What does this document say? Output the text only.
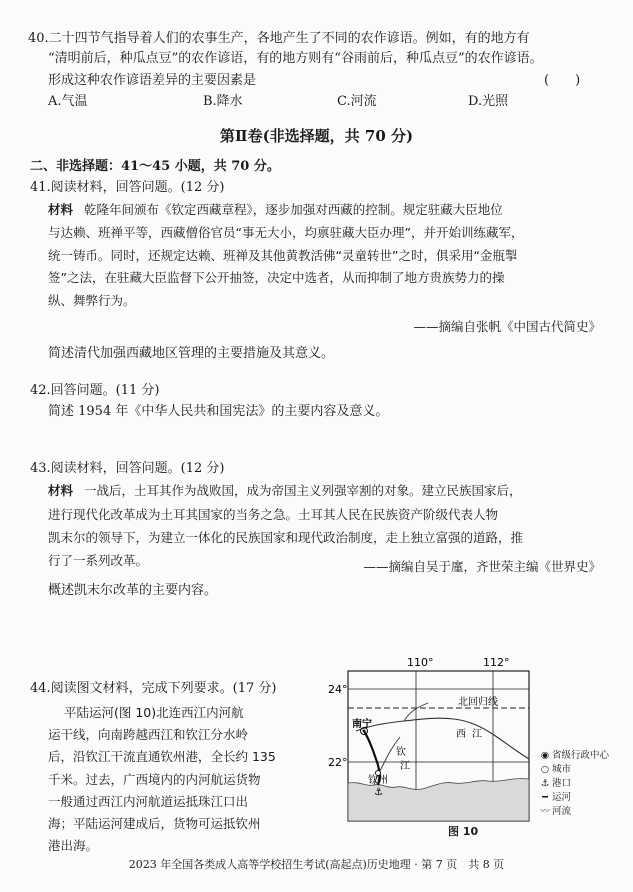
40.二十四节气指导着人们的农事生产，各地产生了不同的农作谚语。例如，有的地方有
“清明前后，种瓜点豆”的农作谚语，有的地方则有“谷雨前后，种瓜点豆”的农作谚语。
形成这种农作谚语差异的主要因素是	(　　)
A.气温	B.降水	C.河流	D.光照
第Ⅱ卷(非选择题，共 70 分)
二、非选择题：41～45 小题，共 70 分。
41.阅读材料，回答问题。(12 分)
材料 乾隆年间颁布《钦定西藏章程》，逐步加强对西藏的控制。规定驻藏大臣地位
与达赖、班禅平等，西藏僧俗官员“事无大小，均禀驻藏大臣办理”，并开始训练藏军，
统一铸币。同时，还规定达赖、班禅及其他黄教活佛“灵童转世”之时，俱采用“金瓶掣
签”之法，在驻藏大臣监督下公开抽签，决定中选者，从而抑制了地方贵族势力的操
纵、舞弊行为。
——摘编自张帆《中国古代简史》
简述清代加强西藏地区管理的主要措施及其意义。
42.回答问题。(11 分)
简述 1954 年《中华人民共和国宪法》的主要内容及意义。
43.阅读材料，回答问题。(12 分)
材料 一战后，土耳其作为战败国，成为帝国主义列强宰割的对象。建立民族国家后，
进行现代化改革成为土耳其国家的当务之急。土耳其人民在民族资产阶级代表人物
凯末尔的领导下，为建立一体化的民族国家和现代政治制度，走上独立富强的道路，推
行了一系列改革。	——摘编自吴于廑，齐世荣主编《世界史》
概述凯末尔改革的主要内容。
44.阅读图文材料，完成下列要求。(17 分)
平陆运河(图 10)北连西江内河航
运干线，向南跨越西江和钦江分水岭
后，沿钦江干流直通钦州港，全长约 135
千米。过去，广西境内的内河航运货物
一般通过西江内河航道运抵珠江口出
海；平陆运河建成后，货物可运抵钦州
港出海。
⚓
110°	112°
24°
22°
北回归线
南宁
西 江
钦
江
钦州
◉ 省级行政中心
○ 城市
⚓ 港口
━ 运河
〰 河流
图 10
2023 年全国各类成人高等学校招生考试(高起点)历史地理 · 第 7 页　共 8 页
